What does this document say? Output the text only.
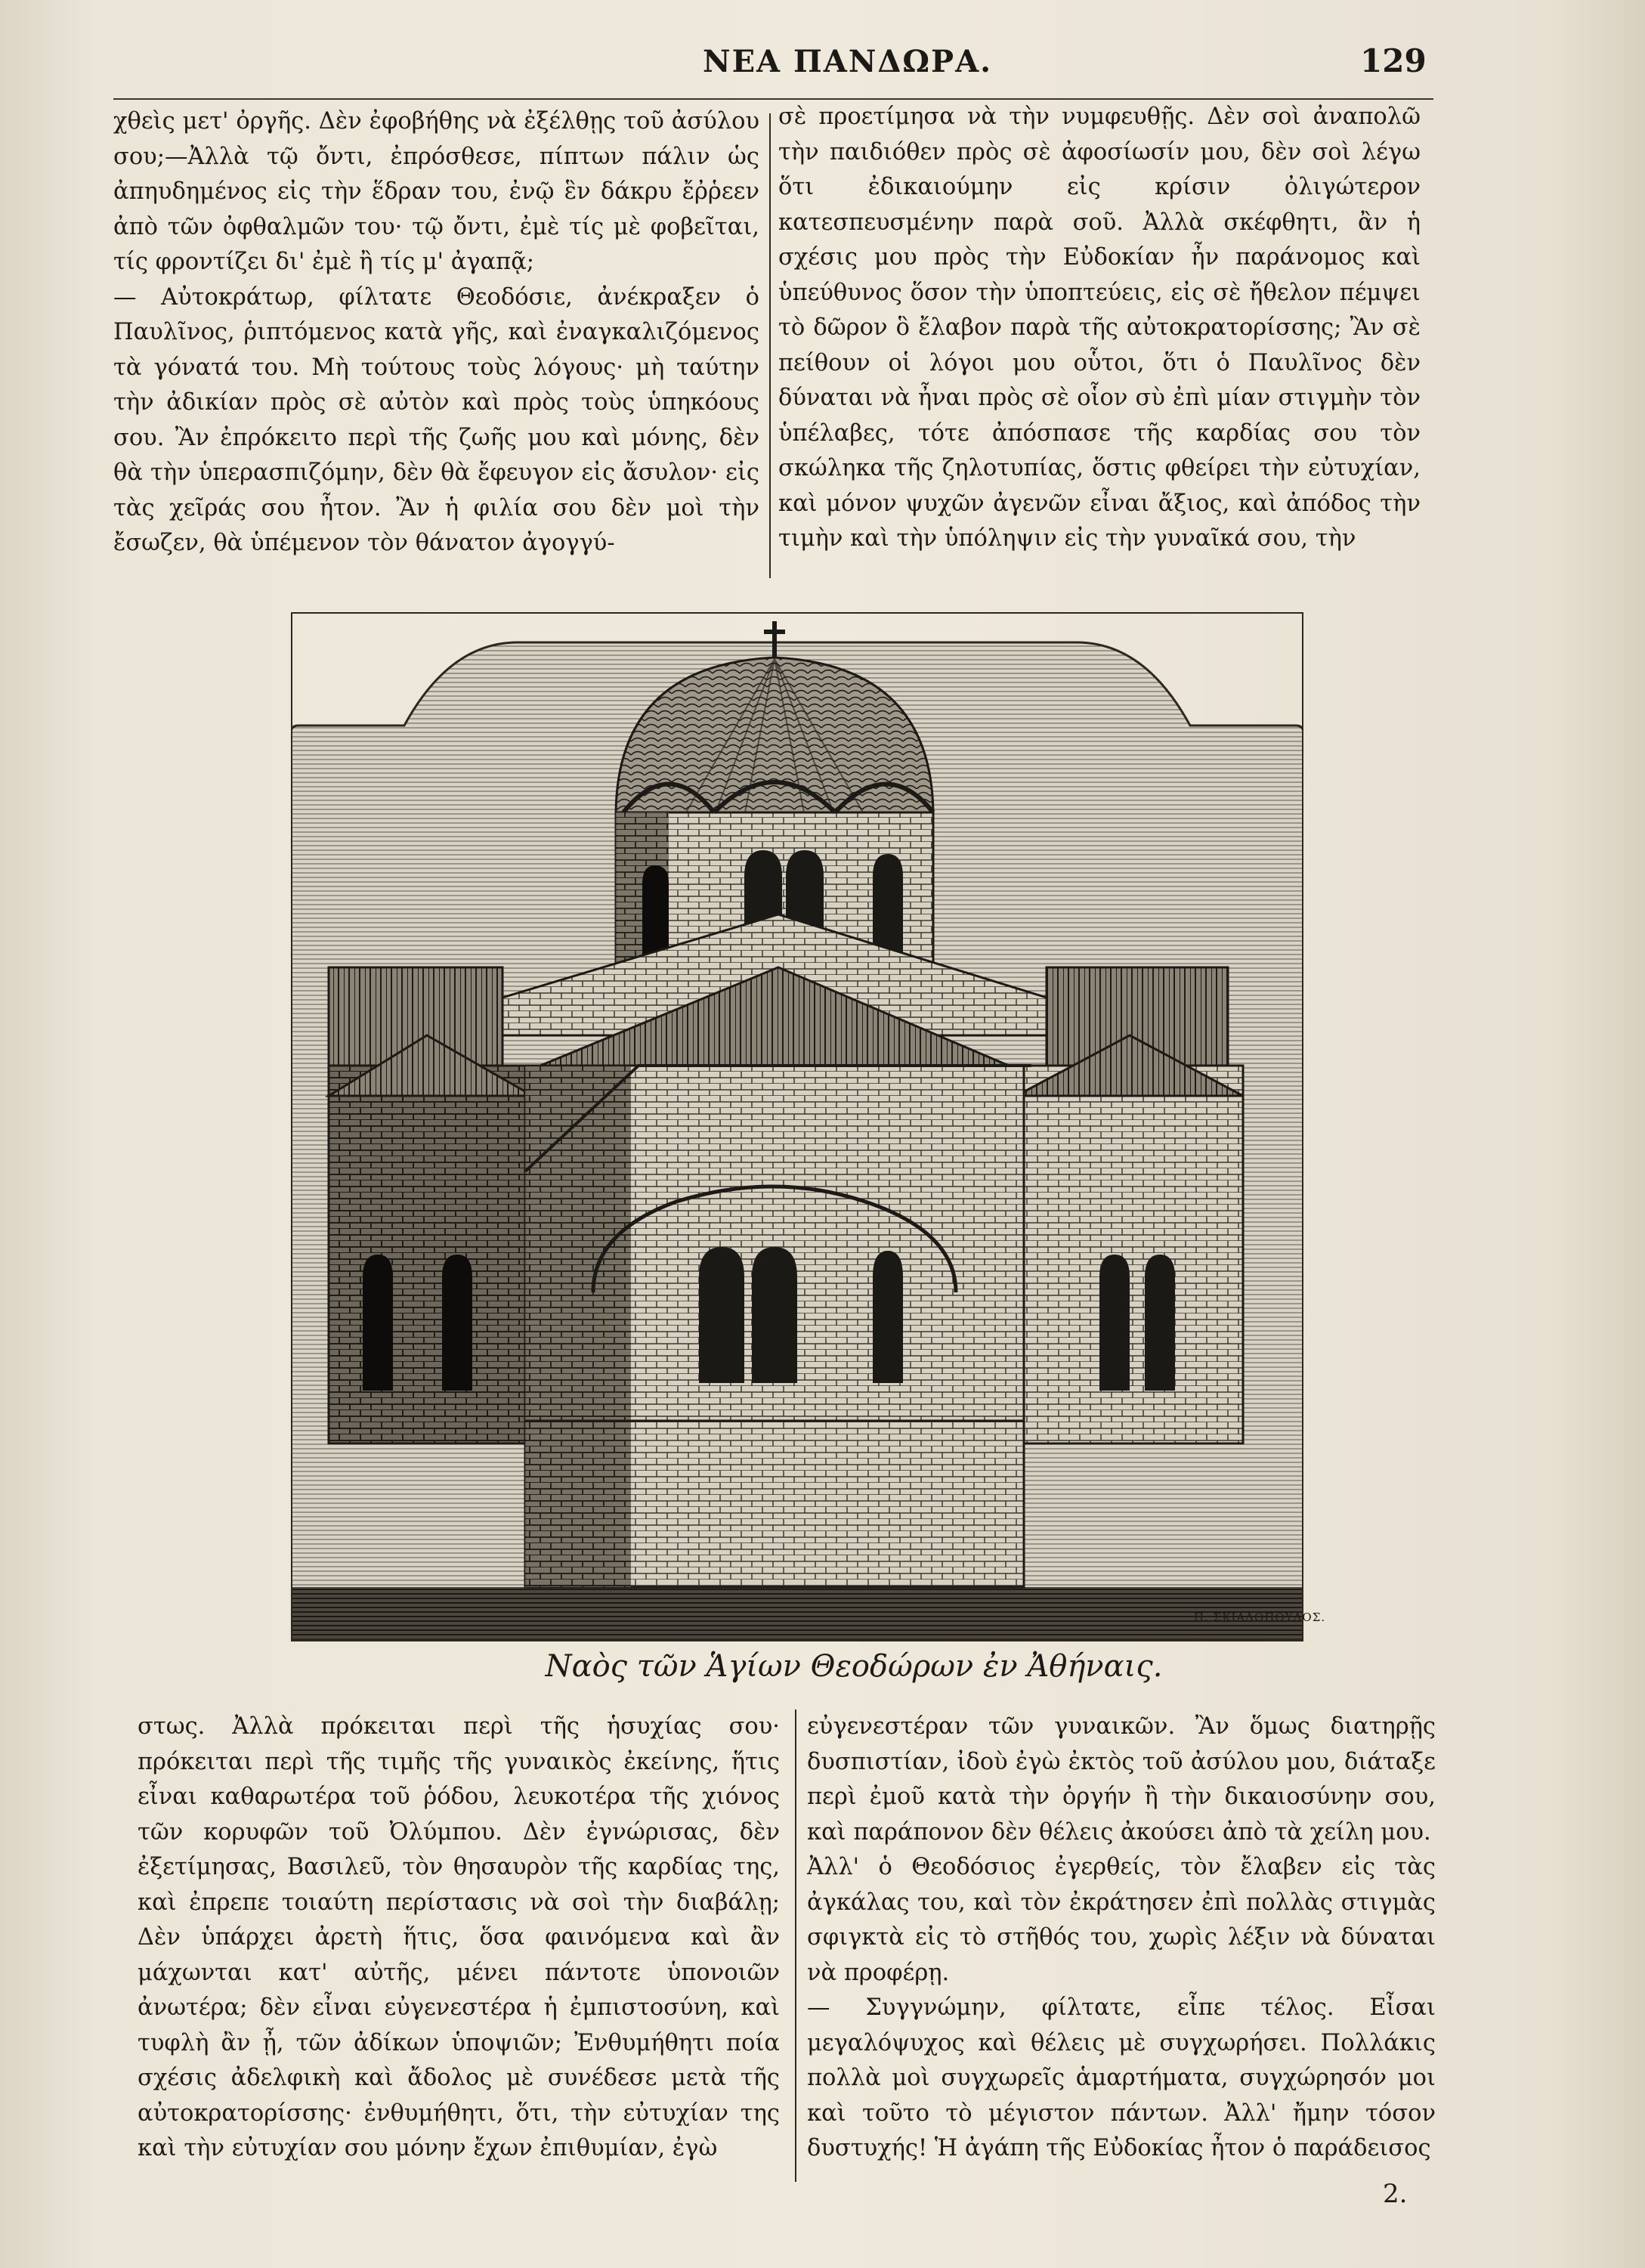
ΝΕΑ ΠΑΝΔΩΡΑ.	129

χθεὶς μετ' ὀργῆς. Δὲν ἐφοβήθης νὰ ἐξέλθῃς τοῦ ἀσύλου σου;—Ἀλλὰ τῷ ὄντι, ἐπρόσθεσε, πίπτων πάλιν ὡς ἀπηυδημένος εἰς τὴν ἕδραν του, ἐνῷ ἓν δάκρυ ἔῤῥεεν ἀπὸ τῶν ὀφθαλμῶν του· τῷ ὄντι, ἐμὲ τίς μὲ φοβεῖται, τίς φροντίζει δι' ἐμὲ ἢ τίς μ' ἀγαπᾷ;

— Αὐτοκράτωρ, φίλτατε Θεοδόσιε, ἀνέκραξεν ὁ Παυλῖνος, ῥιπτόμενος κατὰ γῆς, καὶ ἐναγκαλιζόμενος τὰ γόνατά του. Μὴ τούτους τοὺς λόγους· μὴ ταύτην τὴν ἀδικίαν πρὸς σὲ αὐτὸν καὶ πρὸς τοὺς ὑπηκόους σου. Ἂν ἐπρόκειτο περὶ τῆς ζωῆς μου καὶ μόνης, δὲν θὰ τὴν ὑπερασπιζόμην, δὲν θὰ ἔφευγον εἰς ἄσυλον· εἰς τὰς χεῖράς σου ἦτον. Ἂν ἡ φιλία σου δὲν μοὶ τὴν ἔσωζεν, θὰ ὑπέμενον τὸν θάνατον ἀγογγύ-

σὲ προετίμησα νὰ τὴν νυμφευθῇς. Δὲν σοὶ ἀναπολῶ τὴν παιδιόθεν πρὸς σὲ ἀφοσίωσίν μου, δὲν σοὶ λέγω ὅτι ἐδικαιούμην εἰς κρίσιν ὀλιγώτερον κατεσπευσμένην παρὰ σοῦ. Ἀλλὰ σκέφθητι, ἂν ἡ σχέσις μου πρὸς τὴν Εὐδοκίαν ἦν παράνομος καὶ ὑπεύθυνος ὅσον τὴν ὑποπτεύεις, εἰς σὲ ἤθελον πέμψει τὸ δῶρον ὃ ἔλαβον παρὰ τῆς αὐτοκρατορίσσης; Ἂν σὲ πείθουν οἱ λόγοι μου οὗτοι, ὅτι ὁ Παυλῖνος δὲν δύναται νὰ ἦναι πρὸς σὲ οἷον σὺ ἐπὶ μίαν στιγμὴν τὸν ὑπέλαβες, τότε ἀπόσπασε τῆς καρδίας σου τὸν σκώληκα τῆς ζηλοτυπίας, ὅστις φθείρει τὴν εὐτυχίαν, καὶ μόνον ψυχῶν ἀγενῶν εἶναι ἄξιος, καὶ ἀπόδος τὴν τιμὴν καὶ τὴν ὑπόληψιν εἰς τὴν γυναῖκά σου, τὴν

Π. ΣΚΙΑΔΟΠΟΥΛΟΣ.
Ναὸς τῶν Ἁγίων Θεοδώρων ἐν Ἀθήναις.

στως. Ἀλλὰ πρόκειται περὶ τῆς ἡσυχίας σου· πρόκειται περὶ τῆς τιμῆς τῆς γυναικὸς ἐκείνης, ἥτις εἶναι καθαρωτέρα τοῦ ῥόδου, λευκοτέρα τῆς χιόνος τῶν κορυφῶν τοῦ Ὀλύμπου. Δὲν ἐγνώρισας, δὲν ἐξετίμησας, Βασιλεῦ, τὸν θησαυρὸν τῆς καρδίας της, καὶ ἐπρεπε τοιαύτη περίστασις νὰ σοὶ τὴν διαβάλῃ; Δὲν ὑπάρχει ἀρετὴ ἥτις, ὅσα φαινόμενα καὶ ἂν μάχωνται κατ' αὐτῆς, μένει πάντοτε ὑπονοιῶν ἀνωτέρα; δὲν εἶναι εὐγενεστέρα ἡ ἐμπιστοσύνη, καὶ τυφλὴ ἂν ᾖ, τῶν ἀδίκων ὑποψιῶν; Ἐνθυμήθητι ποία σχέσις ἀδελφικὴ καὶ ἄδολος μὲ συνέδεσε μετὰ τῆς αὐτοκρατορίσσης· ἐνθυμήθητι, ὅτι, τὴν εὐτυχίαν της καὶ τὴν εὐτυχίαν σου μόνην ἔχων ἐπιθυμίαν, ἐγὼ

εὐγενεστέραν τῶν γυναικῶν. Ἂν ὅμως διατηρῇς δυσπιστίαν, ἰδοὺ ἐγὼ ἐκτὸς τοῦ ἀσύλου μου, διάταξε περὶ ἐμοῦ κατὰ τὴν ὀργήν ἢ τὴν δικαιοσύνην σου, καὶ παράπονον δὲν θέλεις ἀκούσει ἀπὸ τὰ χείλη μου.

Ἀλλ' ὁ Θεοδόσιος ἐγερθείς, τὸν ἔλαβεν εἰς τὰς ἀγκάλας του, καὶ τὸν ἐκράτησεν ἐπὶ πολλὰς στιγμὰς σφιγκτὰ εἰς τὸ στῆθός του, χωρὶς λέξιν νὰ δύναται νὰ προφέρῃ.

— Συγγνώμην, φίλτατε, εἶπε τέλος. Εἶσαι μεγαλόψυχος καὶ θέλεις μὲ συγχωρήσει. Πολλάκις πολλὰ μοὶ συγχωρεῖς ἁμαρτήματα, συγχώρησόν μοι καὶ τοῦτο τὸ μέγιστον πάντων. Ἀλλ' ἤμην τόσον δυστυχής! Ἡ ἀγάπη τῆς Εὐδοκίας ἦτον ὁ παράδεισος

2.
